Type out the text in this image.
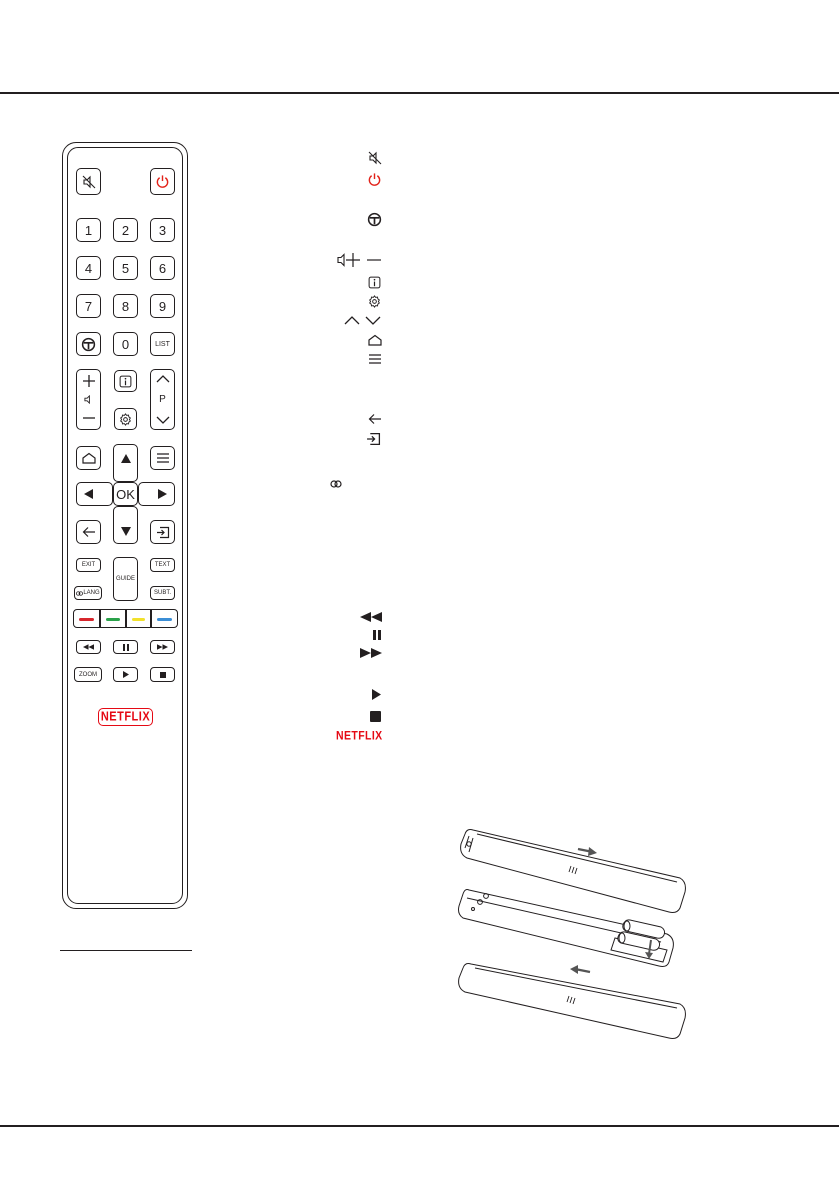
1 2 3
4 5 6
7 8 9
0	LIST
P
OK
EXIT
GUIDE
TEXT
LANG	SUBT.
ZOOM
NETFLIX
NETFLIX
